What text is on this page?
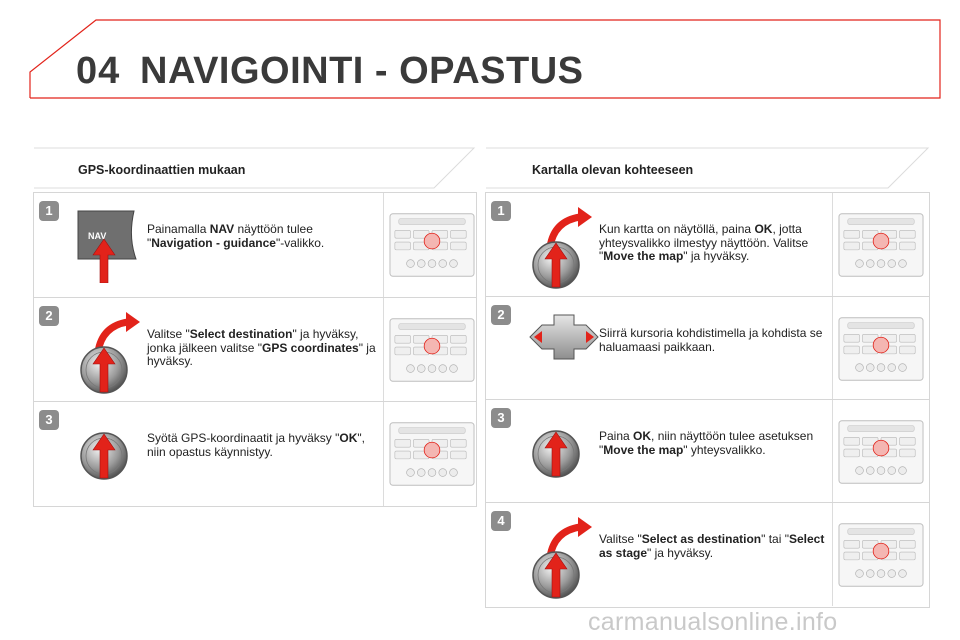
04 NAVIGOINTI - OPASTUS
GPS-koordinaattien mukaan	Kartalla olevan kohteeseen
1
NAV	Painamalla NAV näyttöön tulee "Navigation - guidance"-valikko.
2
Valitse "Select destination" ja hyväksy, jonka jälkeen valitse "GPS coordinates" ja hyväksy.
3
Syötä GPS-koordinaatit ja hyväksy "OK", niin opastus käynnistyy.
1
Kun kartta on näytöllä, paina OK, jotta yhteysvalikko ilmestyy näyttöön. Valitse "Move the map" ja hyväksy.
2
Siirrä kursoria kohdistimella ja kohdista se haluamaasi paikkaan.
3
Paina OK, niin näyttöön tulee asetuksen "Move the map" yhteysvalikko.
4
Valitse "Select as destination" tai "Select as stage" ja hyväksy.
carmanualsonline.info
